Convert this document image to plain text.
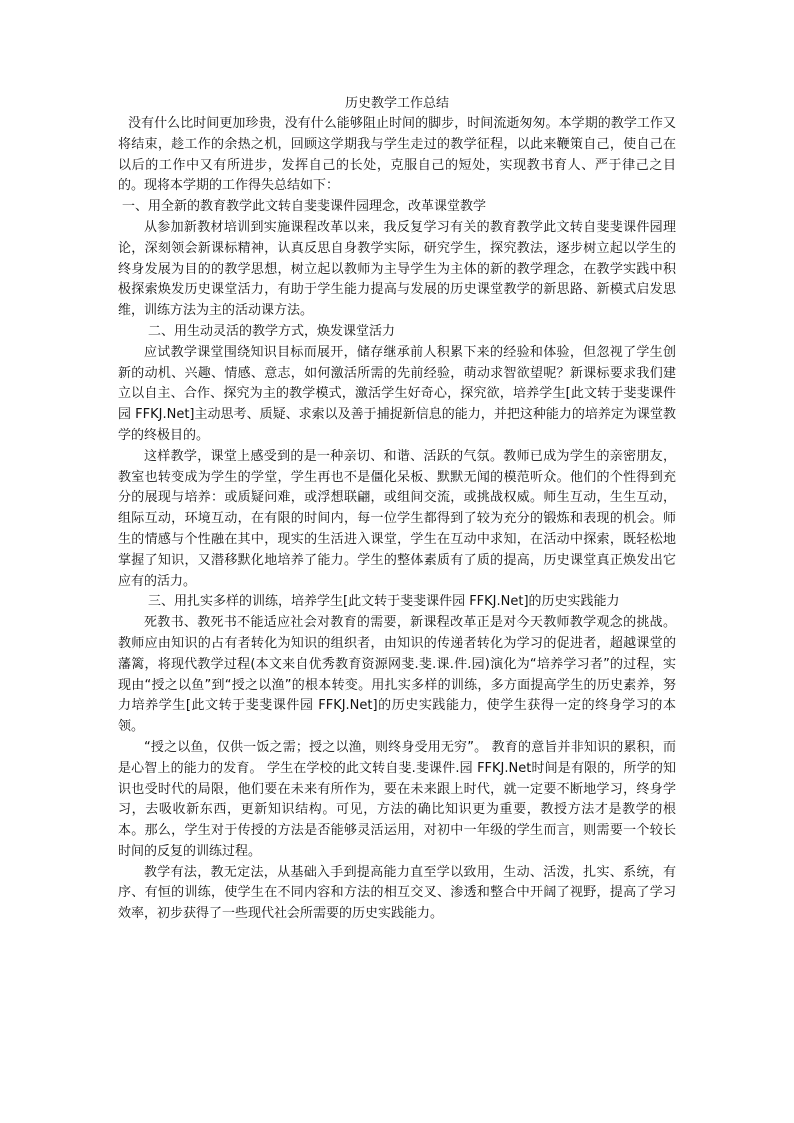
历史教学工作总结

没有什么比时间更加珍贵，没有什么能够阻止时间的脚步，时间流逝匆匆。本学期的教学工作又将结束，趁工作的余热之机，回顾这学期我与学生走过的教学征程，以此来鞭策自己，使自己在以后的工作中又有所进步，发挥自己的长处，克服自己的短处，实现教书育人、严于律己之目的。现将本学期的工作得失总结如下：

一、用全新的教育教学此文转自斐斐课件园理念，改革课堂教学

从参加新教材培训到实施课程改革以来，我反复学习有关的教育教学此文转自斐斐课件园理论，深刻领会新课标精神，认真反思自身教学实际，研究学生，探究教法，逐步树立起以学生的终身发展为目的的教学思想，树立起以教师为主导学生为主体的新的教学理念，在教学实践中积极探索焕发历史课堂活力，有助于学生能力提高与发展的历史课堂教学的新思路、新模式启发思维，训练方法为主的活动课方法。

二、用生动灵活的教学方式，焕发课堂活力

应试教学课堂围绕知识目标而展开，储存继承前人积累下来的经验和体验，但忽视了学生创新的动机、兴趣、情感、意志，如何激活所需的先前经验，萌动求智欲望呢？新课标要求我们建立以自主、合作、探究为主的教学模式，激活学生好奇心，探究欲，培养学生[此文转于斐斐课件园 FFKJ.Net]主动思考、质疑、求索以及善于捕捉新信息的能力，并把这种能力的培养定为课堂教学的终极目的。

这样教学，课堂上感受到的是一种亲切、和谐、活跃的气氛。教师已成为学生的亲密朋友，教室也转变成为学生的学堂，学生再也不是僵化呆板、默默无闻的模范听众。他们的个性得到充分的展现与培养：或质疑问难，或浮想联翩，或组间交流，或挑战权威。师生互动，生生互动，组际互动，环境互动，在有限的时间内，每一位学生都得到了较为充分的锻炼和表现的机会。师生的情感与个性融在其中，现实的生活进入课堂，学生在互动中求知，在活动中探索，既轻松地掌握了知识，又潜移默化地培养了能力。学生的整体素质有了质的提高，历史课堂真正焕发出它应有的活力。

三、用扎实多样的训练，培养学生[此文转于斐斐课件园 FFKJ.Net]的历史实践能力

死教书、教死书不能适应社会对教育的需要，新课程改革正是对今天教师教学观念的挑战。教师应由知识的占有者转化为知识的组织者，由知识的传递者转化为学习的促进者，超越课堂的藩篱，将现代教学过程(本文来自优秀教育资源网斐.斐.课.件.园)演化为“培养学习者”的过程，实现由“授之以鱼”到“授之以渔”的根本转变。用扎实多样的训练，多方面提高学生的历史素养，努力培养学生[此文转于斐斐课件园 FFKJ.Net]的历史实践能力，使学生获得一定的终身学习的本领。

“授之以鱼，仅供一饭之需；授之以渔，则终身受用无穷”。 教育的意旨并非知识的累积，而是心智上的能力的发育。 学生在学校的此文转自斐.斐课件.园 FFKJ.Net时间是有限的，所学的知识也受时代的局限，他们要在未来有所作为，要在未来跟上时代，就一定要不断地学习，终身学习，去吸收新东西，更新知识结构。可见，方法的确比知识更为重要，教授方法才是教学的根本。那么，学生对于传授的方法是否能够灵活运用，对初中一年级的学生而言，则需要一个较长时间的反复的训练过程。

教学有法，教无定法，从基础入手到提高能力直至学以致用，生动、活泼，扎实、系统，有序、有恒的训练，使学生在不同内容和方法的相互交叉、渗透和整合中开阔了视野，提高了学习效率，初步获得了一些现代社会所需要的历史实践能力。
